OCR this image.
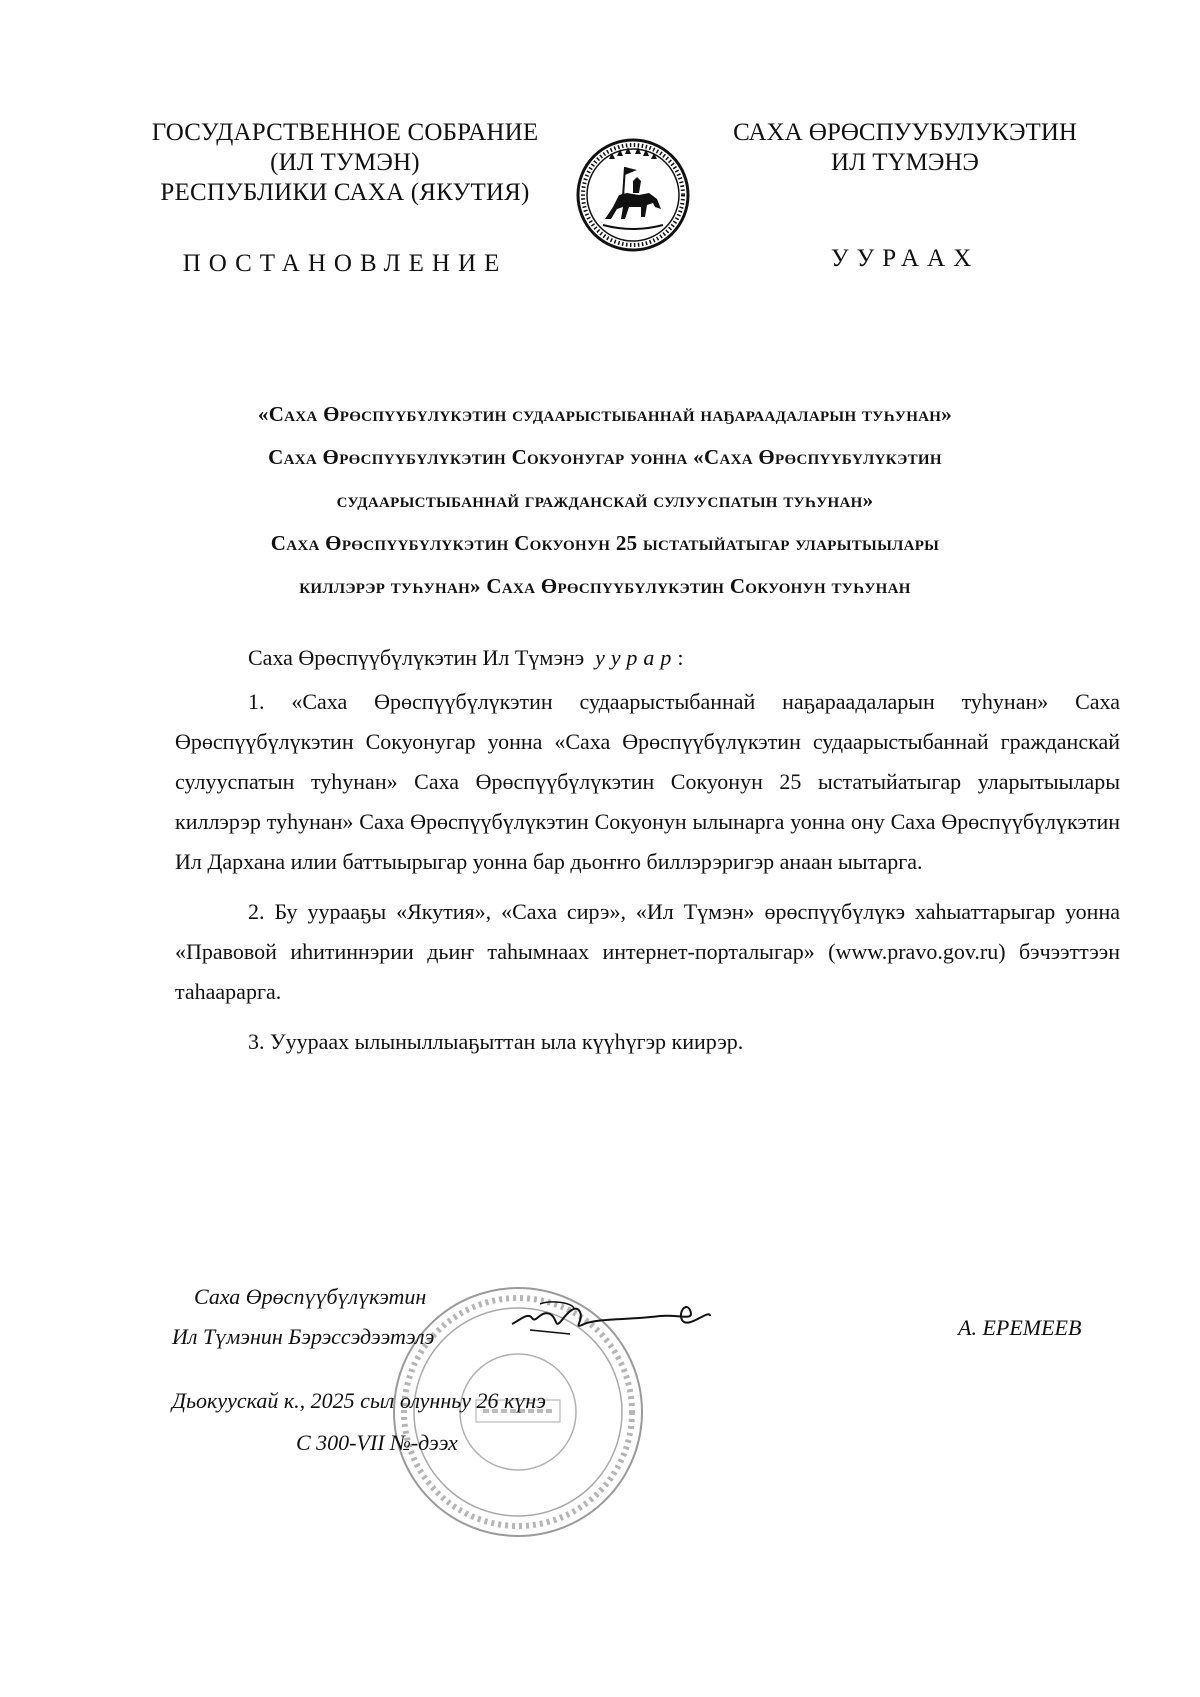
ГОСУДАРСТВЕННОЕ СОБРАНИЕ
(ИЛ ТУМЭН)
РЕСПУБЛИКИ САХА (ЯКУТИЯ)
САХА ӨРӨСПУУБУЛУКЭТИН
ИЛ ТҮМЭНЭ
ПОСТАНОВЛЕНИЕ	УУРААХ
«Саха Өрөспүүбүлүкэтин судаарыстыбаннай наҕараадаларын туһунан»
Саха Өрөспүүбүлүкэтин Сокуонугар уонна «Саха Өрөспүүбүлүкэтин
судаарыстыбаннай гражданскай сулууспатын туһунан»
Саха Өрөспүүбүлүкэтин Сокуонун 25 ыстатыйатыгар уларытыылары
киллэрэр туһунан» Саха Өрөспүүбүлүкэтин Сокуонун туһунан
Саха Өрөспүүбүлүкэтин Ил Түмэнэ уурар:

1. «Саха Өрөспүүбүлүкэтин судаарыстыбаннай наҕараадаларын туһунан» Саха Өрөспүүбүлүкэтин Сокуонугар уонна «Саха Өрөспүүбүлүкэтин судаарыстыбаннай гражданскай сулууспатын туһунан» Саха Өрөспүүбүлүкэтин Сокуонун 25 ыстатыйатыгар уларытыылары киллэрэр туһунан» Саха Өрөспүүбүлүкэтин Сокуонун ылынарга уонна ону Саха Өрөспүүбүлүкэтин Ил Дархана илии баттыырыгар уонна бар дьоҥҥо биллэрэригэр анаан ыытарга.

2. Бу уурааҕы «Якутия», «Саха сирэ», «Ил Түмэн» өрөспүүбүлүкэ хаһыаттарыгар уонна «Правовой иһитиннэрии дьиҥ таһымнаах интернет-порталыгар» (www.pravo.gov.ru) бэчээттээн таһаарарга.

3. Ууураах ылыныллыаҕыттан ыла күүһүгэр киирэр.

Саха Өрөспүүбүлүкэтин
Ил Түмэнин Бэрэссэдээтэлэ	А. ЕРЕМЕЕВ
Дьокуускай к., 2025 сыл олунньу 26 күнэ
С 300-VII №-дээх
